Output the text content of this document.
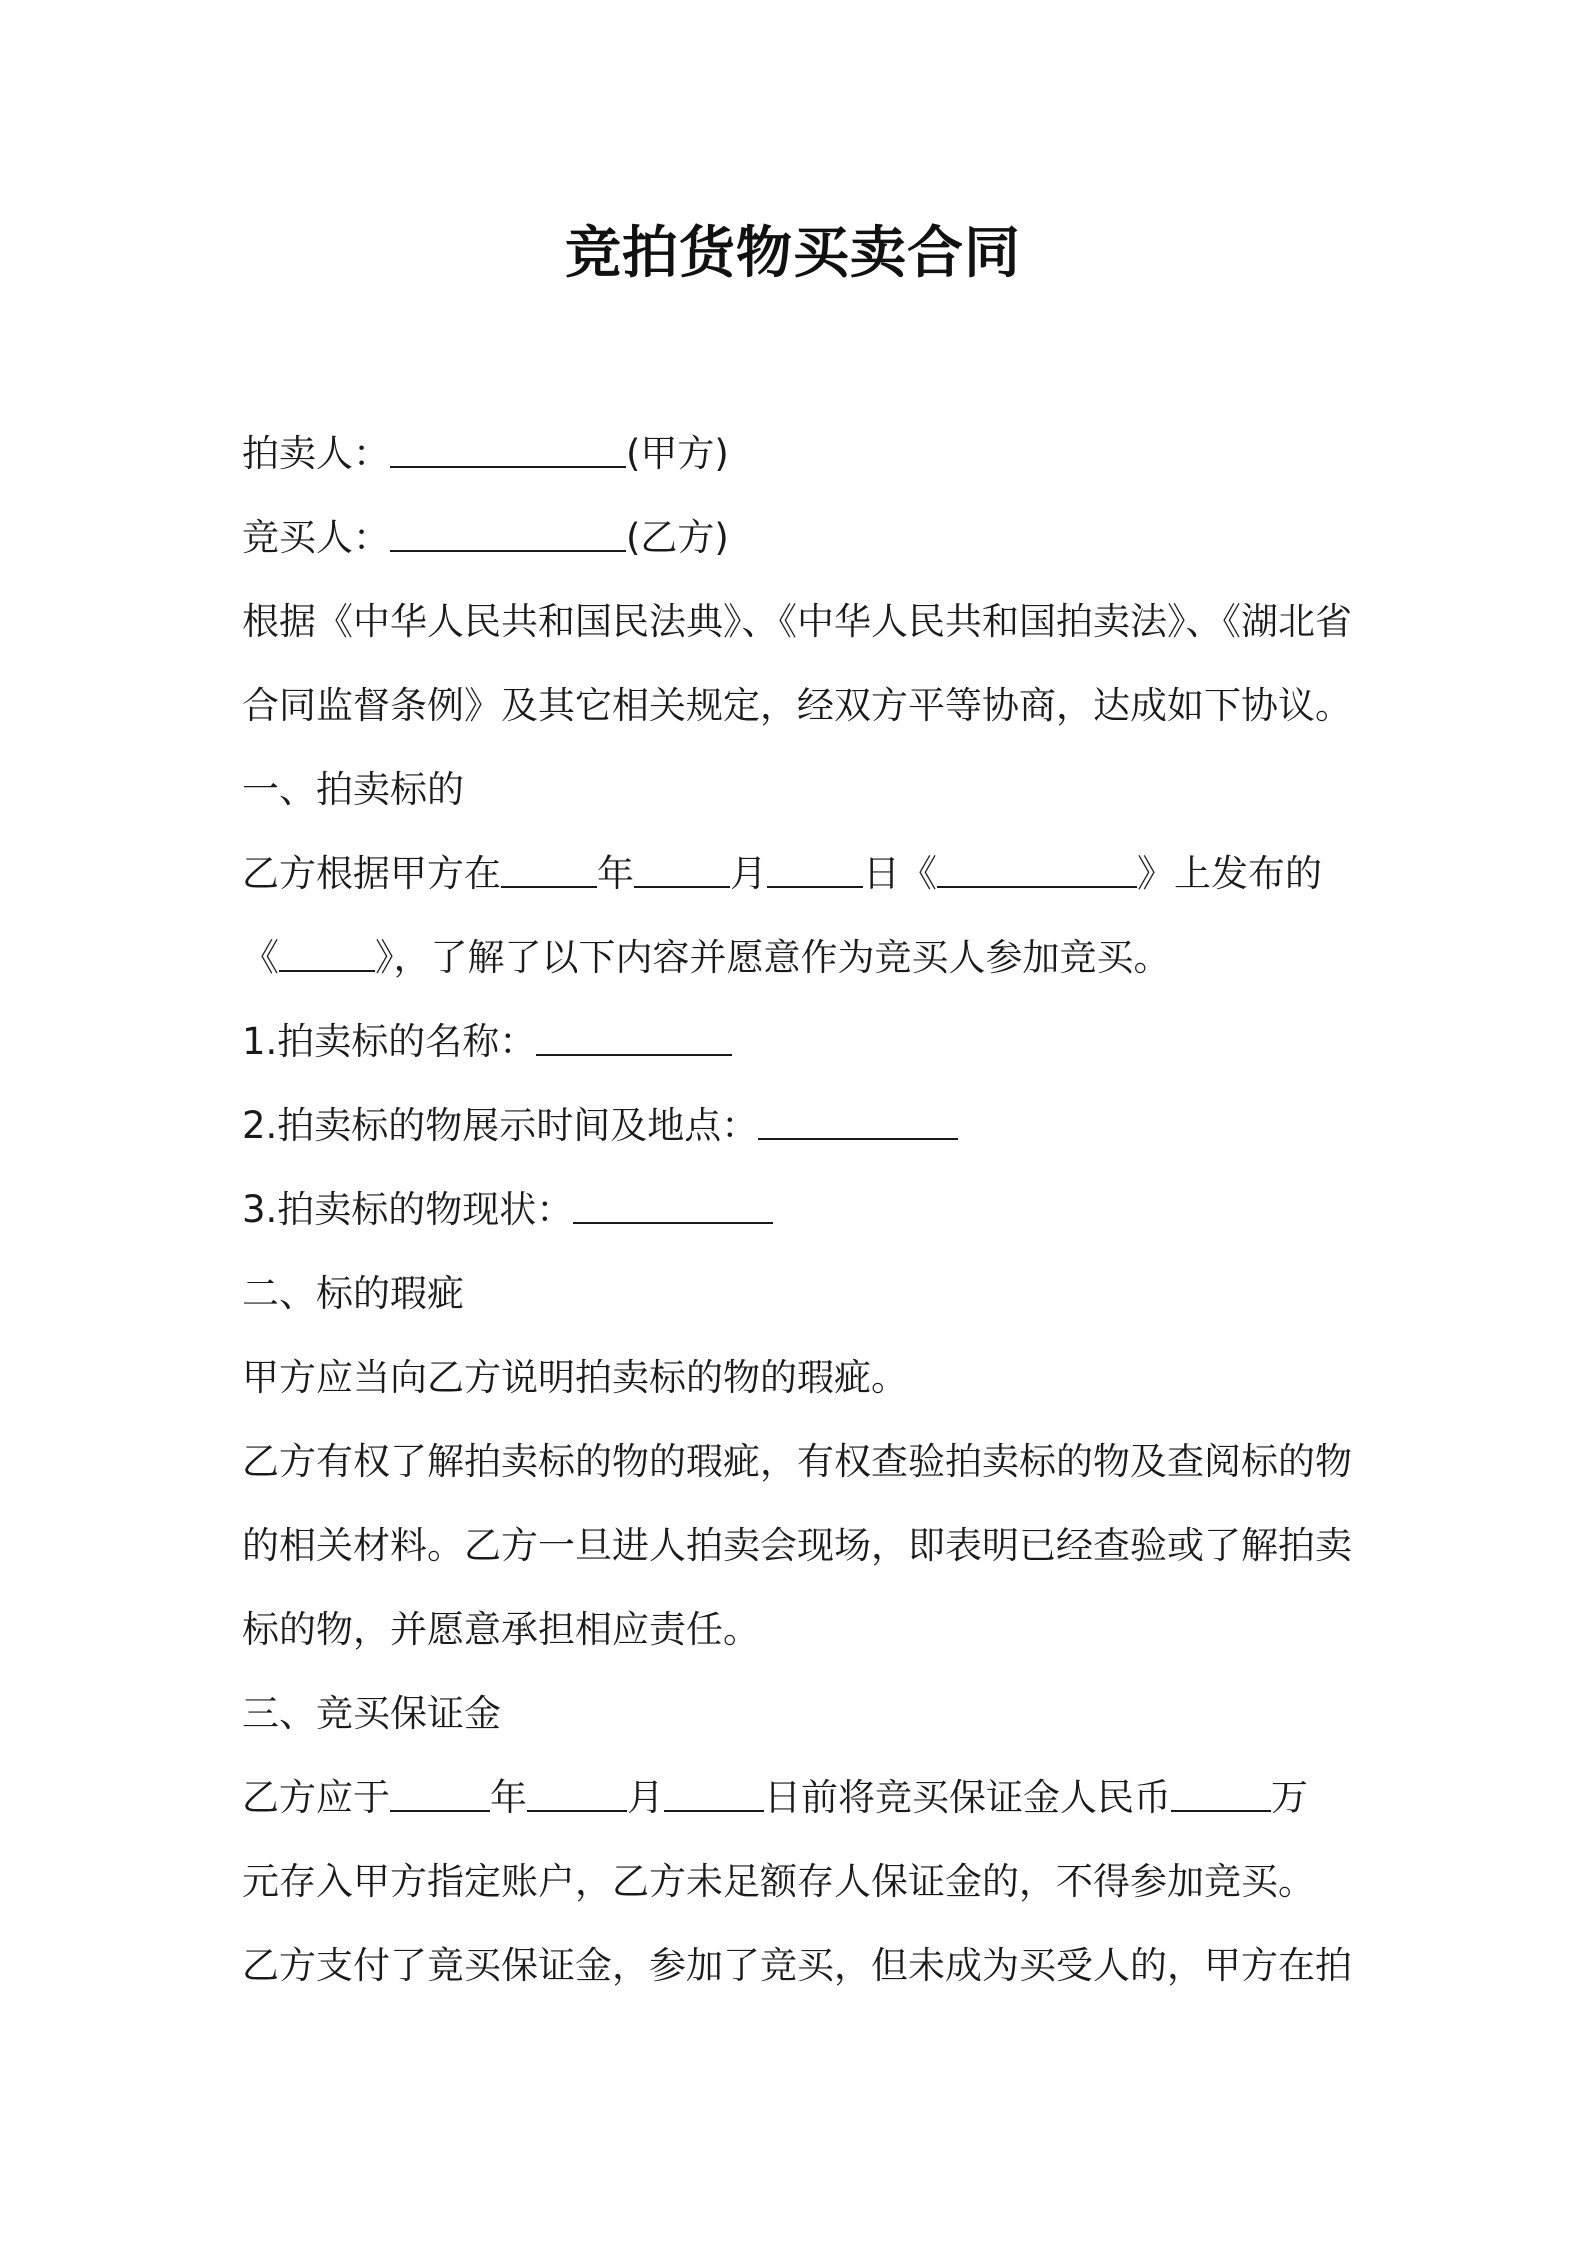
竞拍货物买卖合同
拍卖人：	(甲方)
竞买人：	(乙方)
根据《中华人民共和国民法典》、《中华人民共和国拍卖法》、《湖北省
合同监督条例》及其它相关规定，经双方平等协商，达成如下协议。
一、拍卖标的
乙方根据甲方在	年	月	日《	》上发布的
《	》，了解了以下内容并愿意作为竞买人参加竞买。
1.拍卖标的名称：
2.拍卖标的物展示时间及地点：
3.拍卖标的物现状：
二、标的瑕疵
甲方应当向乙方说明拍卖标的物的瑕疵。
乙方有权了解拍卖标的物的瑕疵，有权查验拍卖标的物及查阅标的物
的相关材料。乙方一旦进人拍卖会现场，即表明已经查验或了解拍卖
标的物，并愿意承担相应责任。
三、竞买保证金
乙方应于	年	月	日前将竞买保证金人民币	万
元存入甲方指定账户，乙方未足额存人保证金的，不得参加竞买。
乙方支付了竟买保证金，参加了竞买，但未成为买受人的，甲方在拍
